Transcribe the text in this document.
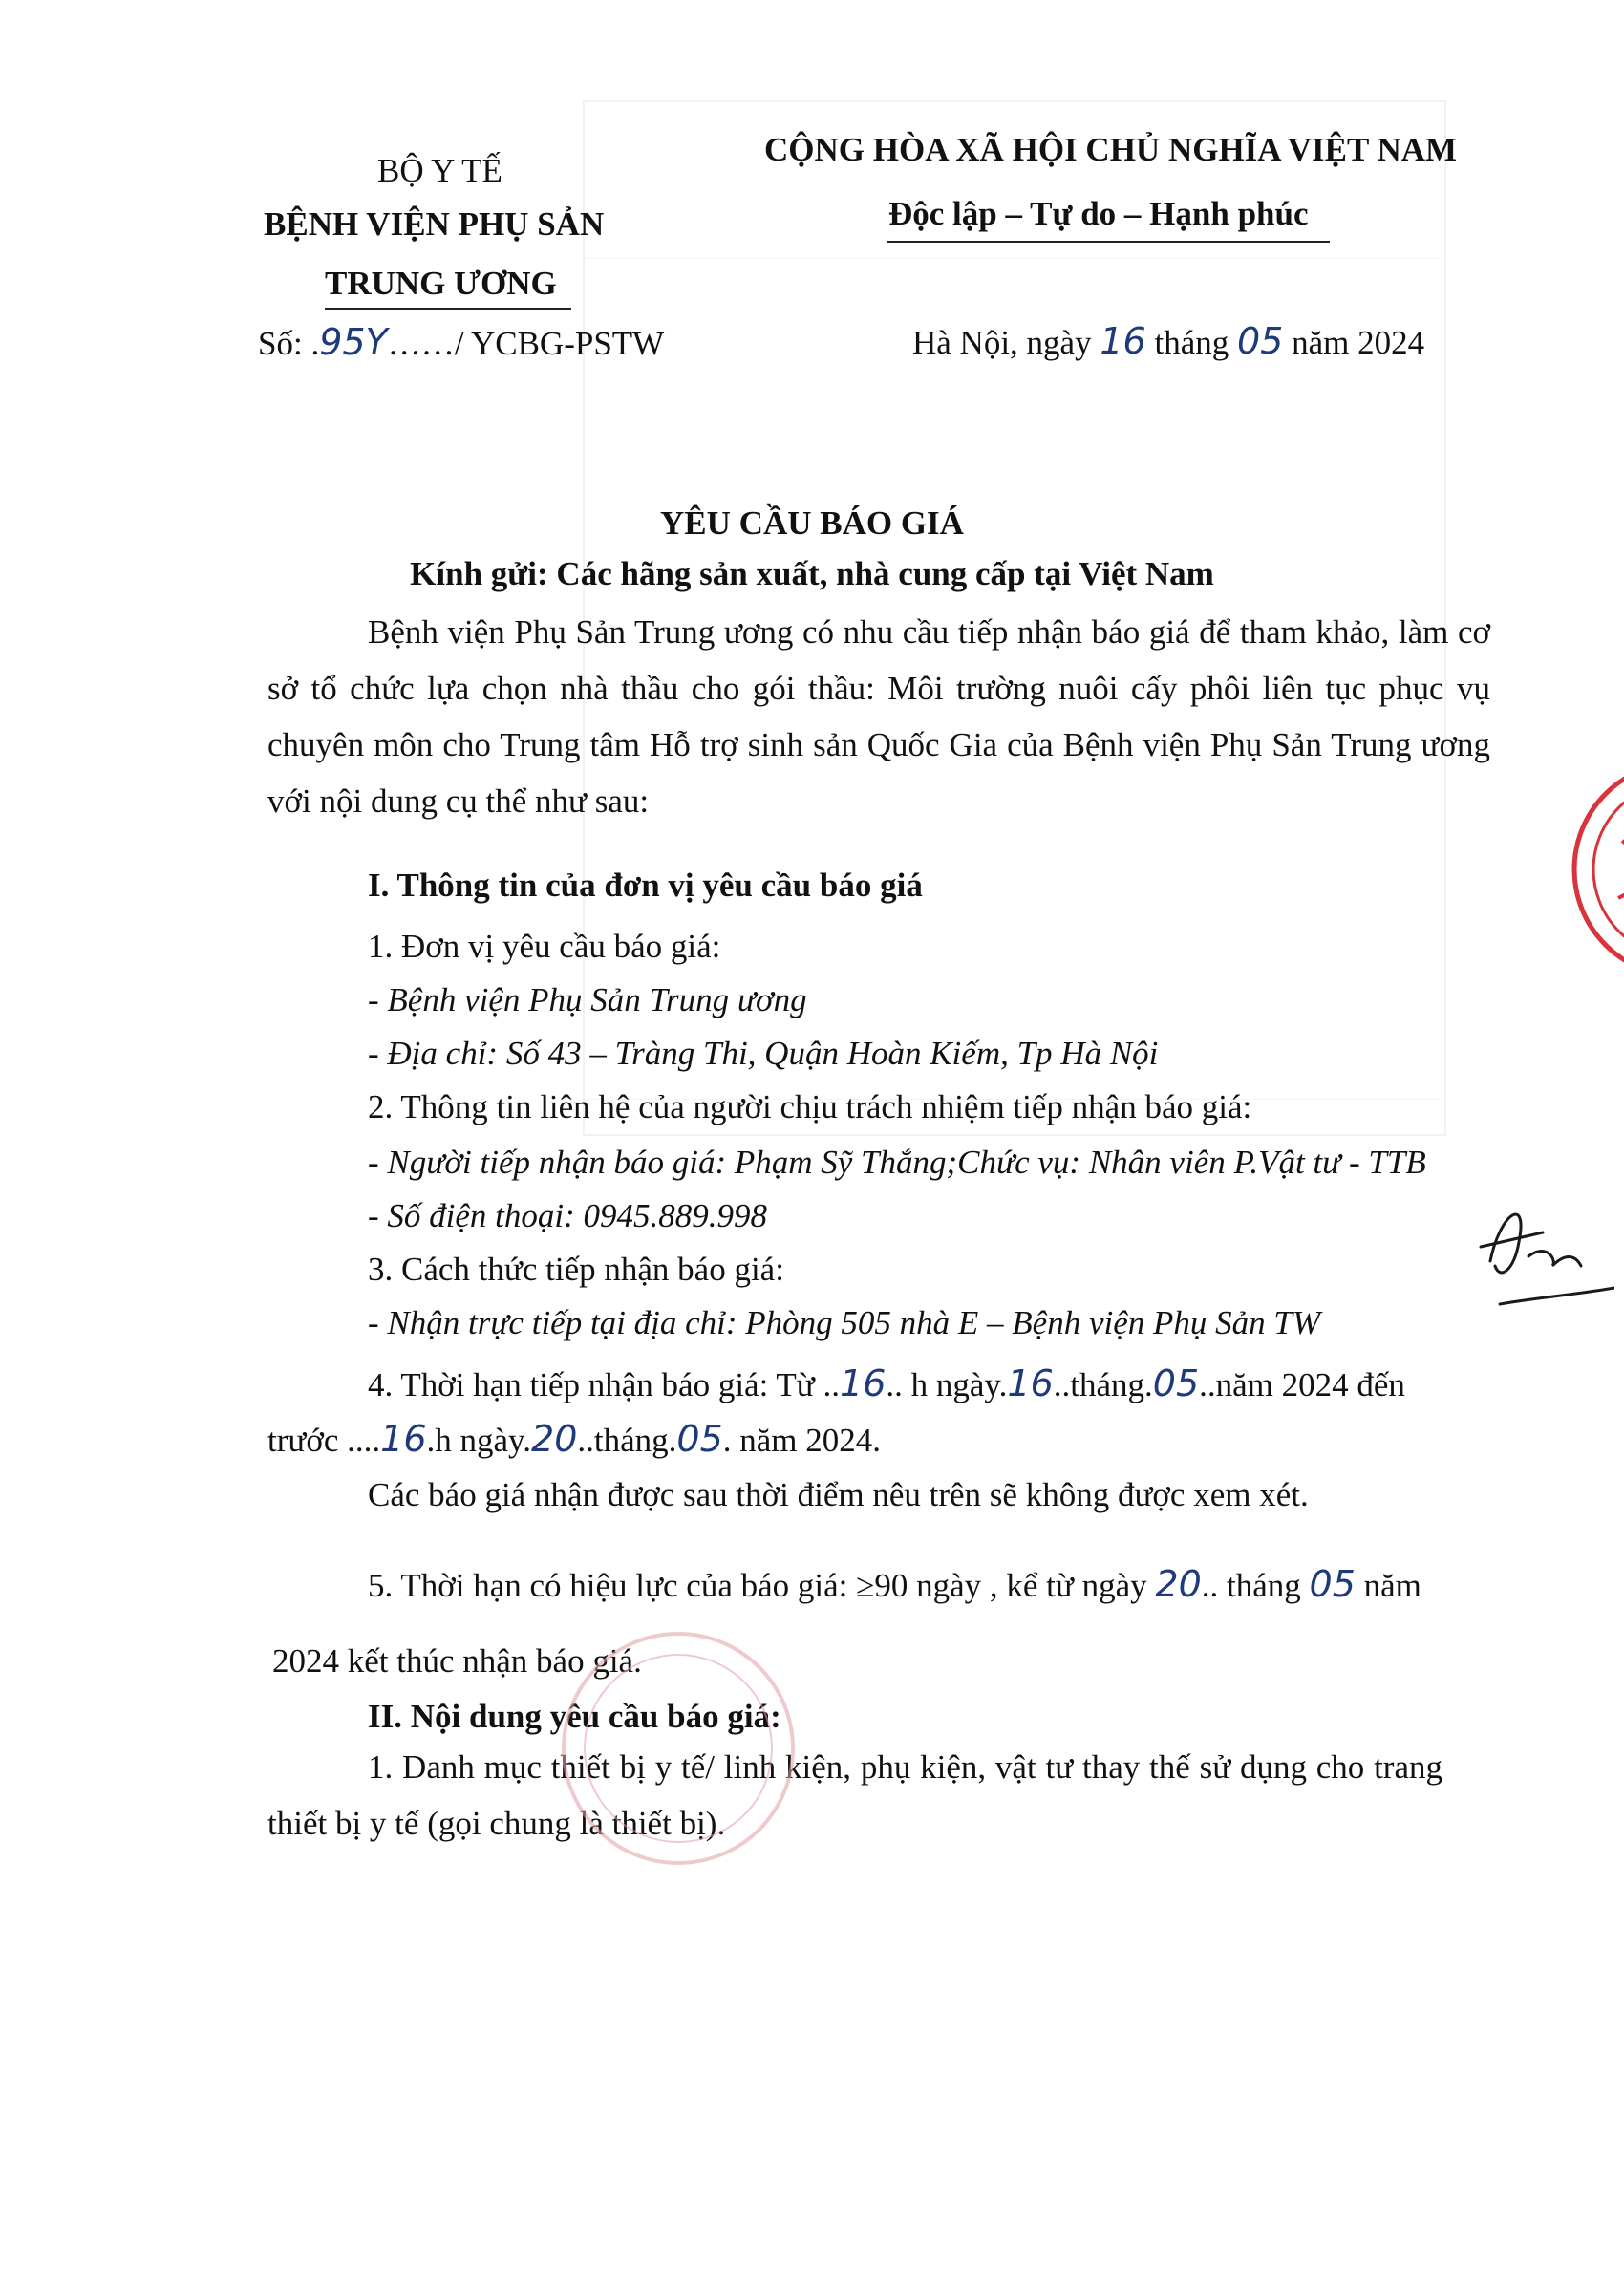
BỘ Y TẾ
BỆNH VIỆN PHỤ SẢN
TRUNG ƯƠNG
CỘNG HÒA XÃ HỘI CHỦ NGHĨA VIỆT NAM
Độc lập – Tự do – Hạnh phúc
Số: .95Y……/ YCBG-PSTW	Hà Nội, ngày 16 tháng 05 năm 2024
YÊU CẦU BÁO GIÁ
Kính gửi: Các hãng sản xuất, nhà cung cấp tại Việt Nam
Bệnh viện Phụ Sản Trung ương có nhu cầu tiếp nhận báo giá để tham khảo, làm cơ sở tổ chức lựa chọn nhà thầu cho gói thầu: Môi trường nuôi cấy phôi liên tục phục vụ chuyên môn cho Trung tâm Hỗ trợ sinh sản Quốc Gia của Bệnh viện Phụ Sản Trung ương với nội dung cụ thể như sau:
I. Thông tin của đơn vị yêu cầu báo giá
1. Đơn vị yêu cầu báo giá:
- Bệnh viện Phụ Sản Trung ương
- Địa chỉ: Số 43 – Tràng Thi, Quận Hoàn Kiếm, Tp Hà Nội
2. Thông tin liên hệ của người chịu trách nhiệm tiếp nhận báo giá:
- Người tiếp nhận báo giá: Phạm Sỹ Thắng;Chức vụ: Nhân viên P.Vật tư - TTB
- Số điện thoại: 0945.889.998
3. Cách thức tiếp nhận báo giá:
- Nhận trực tiếp tại địa chỉ: Phòng 505 nhà E – Bệnh viện Phụ Sản TW
4. Thời hạn tiếp nhận báo giá: Từ ..16.. h ngày.16..tháng.05..năm 2024 đến
trước ....16.h ngày.20..tháng.05. năm 2024.
Các báo giá nhận được sau thời điểm nêu trên sẽ không được xem xét.
5. Thời hạn có hiệu lực của báo giá: ≥90 ngày , kể từ ngày 20.. tháng 05 năm
2024 kết thúc nhận báo giá.
II. Nội dung yêu cầu báo giá:
1. Danh mục thiết bị y tế/ linh kiện, phụ kiện, vật tư thay thế sử dụng cho trang thiết bị y tế (gọi chung là thiết bị).
